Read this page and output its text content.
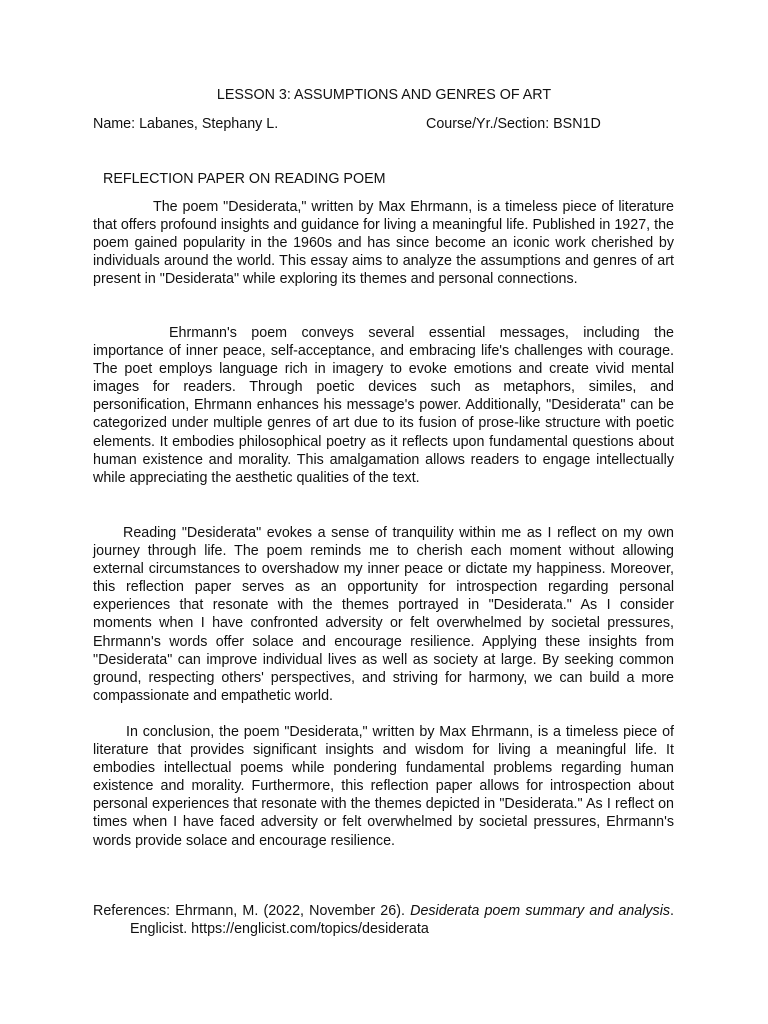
LESSON 3: ASSUMPTIONS AND GENRES OF ART
Name: Labanes, Stephany L.	Course/Yr./Section: BSN1D
REFLECTION PAPER ON READING POEM

The poem "Desiderata," written by Max Ehrmann, is a timeless piece of literature that offers profound insights and guidance for living a meaningful life. Published in 1927, the poem gained popularity in the 1960s and has since become an iconic work cherished by individuals around the world. This essay aims to analyze the assumptions and genres of art present in "Desiderata" while exploring its themes and personal connections.

Ehrmann's poem conveys several essential messages, including the importance of inner peace, self-acceptance, and embracing life's challenges with courage. The poet employs language rich in imagery to evoke emotions and create vivid mental images for readers. Through poetic devices such as metaphors, similes, and personification, Ehrmann enhances his message's power. Additionally, "Desiderata" can be categorized under multiple genres of art due to its fusion of prose-like structure with poetic elements. It embodies philosophical poetry as it reflects upon fundamental questions about human existence and morality. This amalgamation allows readers to engage intellectually while appreciating the aesthetic qualities of the text.

Reading "Desiderata" evokes a sense of tranquility within me as I reflect on my own journey through life. The poem reminds me to cherish each moment without allowing external circumstances to overshadow my inner peace or dictate my happiness. Moreover, this reflection paper serves as an opportunity for introspection regarding personal experiences that resonate with the themes portrayed in "Desiderata." As I consider moments when I have confronted adversity or felt overwhelmed by societal pressures, Ehrmann's words offer solace and encourage resilience. Applying these insights from "Desiderata" can improve individual lives as well as society at large. By seeking common ground, respecting others' perspectives, and striving for harmony, we can build a more compassionate and empathetic world.

In conclusion, the poem "Desiderata," written by Max Ehrmann, is a timeless piece of literature that provides significant insights and wisdom for living a meaningful life. It embodies intellectual poems while pondering fundamental problems regarding human existence and morality. Furthermore, this reflection paper allows for introspection about personal experiences that resonate with the themes depicted in "Desiderata." As I reflect on times when I have faced adversity or felt overwhelmed by societal pressures, Ehrmann's words provide solace and encourage resilience.

References: Ehrmann, M. (2022, November 26). Desiderata poem summary and analysis. Englicist. https://englicist.com/topics/desiderata
